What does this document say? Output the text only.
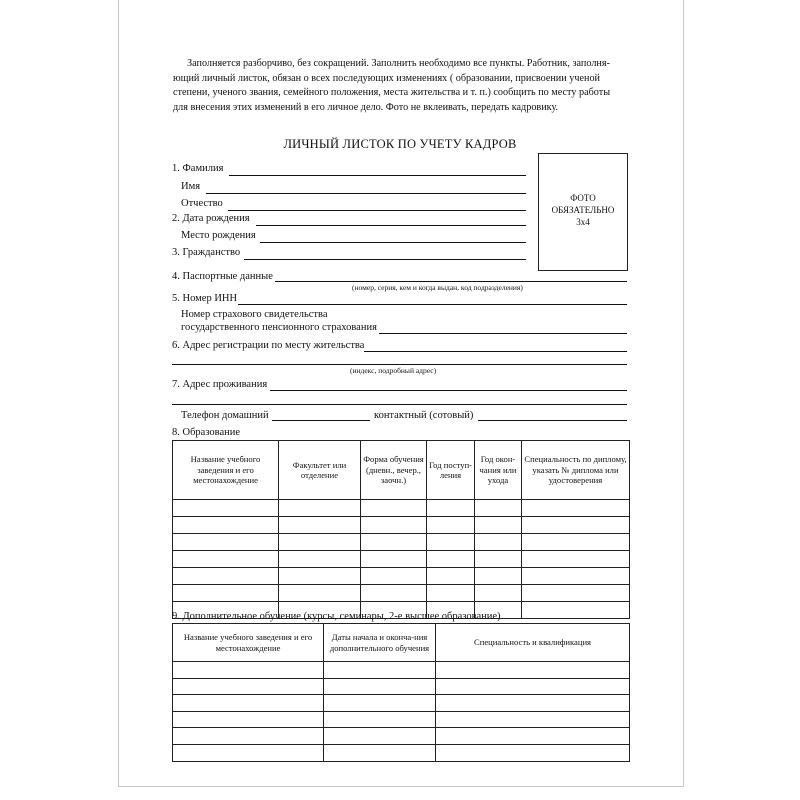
Заполняется разборчиво, без сокращений. Заполнить необходимо все пункты. Работник, заполня-
ющий личный листок, обязан о всех последующих изменениях ( образовании, присвоении ученой
степени, ученого звания, семейного положения, места жительства и т. п.) сообщить по месту работы
для внесения этих изменений в его личное дело. Фото не вклеивать, передать кадровику.
ЛИЧНЫЙ ЛИСТОК ПО УЧЕТУ КАДРОВ
ФОТО
ОБЯЗАТЕЛЬНО
3x4
1. Фамилия
Имя
Отчество
2. Дата рождения
Место рождения
3. Гражданство
4. Паспортные данные
(номер, серия, кем и когда выдан, код подразделения)
5. Номер ИНН
Номер страхового свидетельства
государственного пенсионного страхования
6. Адрес регистрации по месту жительства
(индекс, подробный адрес)
7. Адрес проживания
Телефон домашний	контактный (сотовый)
8. Образование
Название учебного заведения и его местонахождение	Факультет или отделение	Форма обучения (дневн., вечер., заочн.)	Год поступ-ления	Год окон-чания или ухода	Специальность по диплому, указать № диплома или удостоверения

9. Дополнительное обучение (курсы, семинары, 2-е высшее образование)
Название учебного заведения и его местонахождение	Даты начала и оконча-ния дополнительного обучения	Специальность и квалификация
